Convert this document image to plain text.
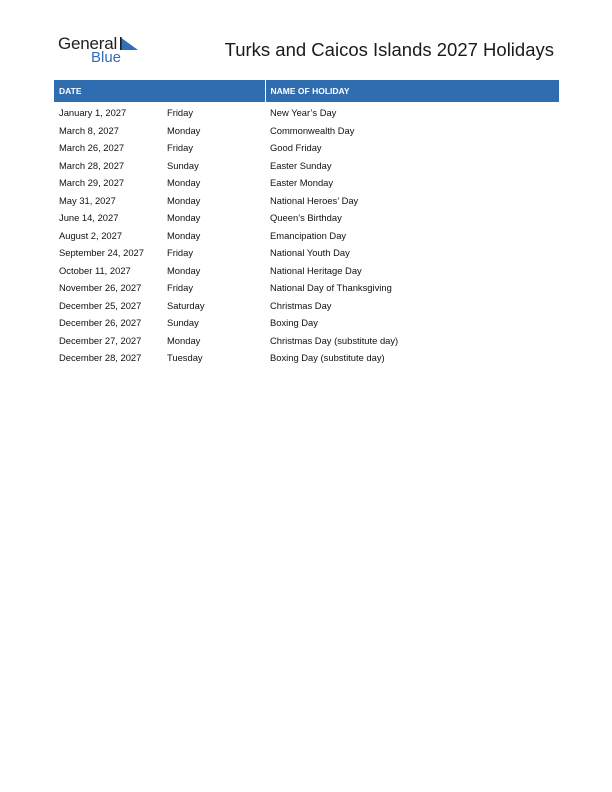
General
Blue	Turks and Caicos Islands 2027 Holidays
DATE		NAME OF HOLIDAY
January 1, 2027	Friday	New Year’s Day
March 8, 2027	Monday	Commonwealth Day
March 26, 2027	Friday	Good Friday
March 28, 2027	Sunday	Easter Sunday
March 29, 2027	Monday	Easter Monday
May 31, 2027	Monday	National Heroes’ Day
June 14, 2027	Monday	Queen’s Birthday
August 2, 2027	Monday	Emancipation Day
September 24, 2027	Friday	National Youth Day
October 11, 2027	Monday	National Heritage Day
November 26, 2027	Friday	National Day of Thanksgiving
December 25, 2027	Saturday	Christmas Day
December 26, 2027	Sunday	Boxing Day
December 27, 2027	Monday	Christmas Day (substitute day)
December 28, 2027	Tuesday	Boxing Day (substitute day)
